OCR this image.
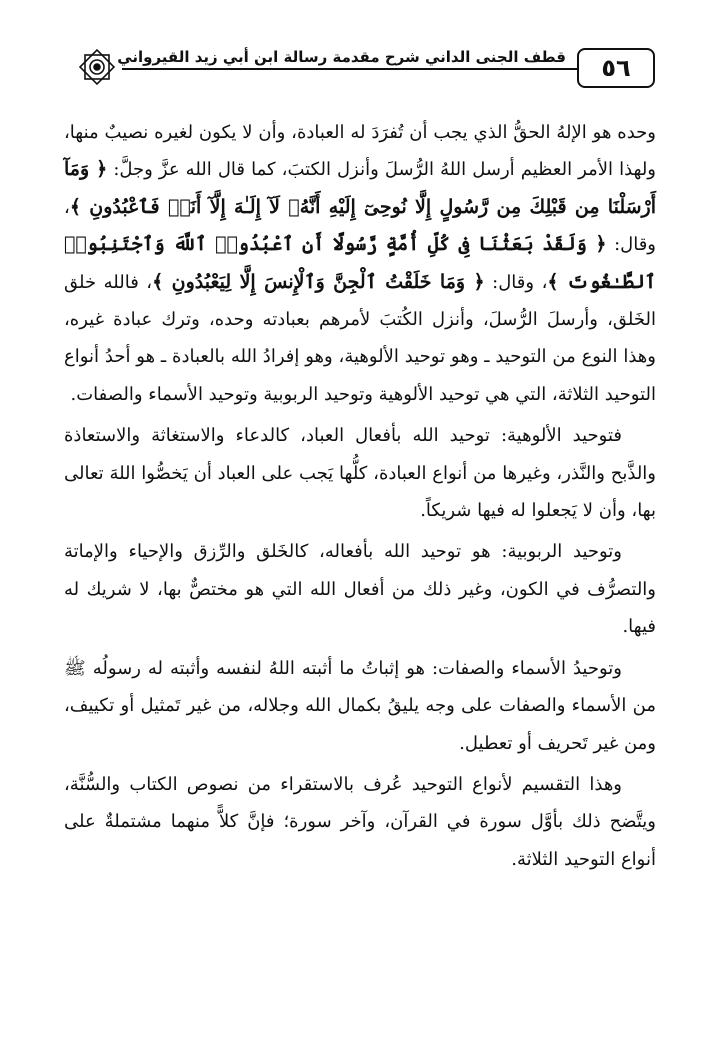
قطف الجنى الداني شرح مقدمة رسالة ابن أبي زيد القيرواني	٥٦

وحده هو الإلهُ الحقُّ الذي يجب أن تُفرَدَ له العبادة، وأن لا يكون لغيره نصيبٌ منها، ولهذا الأمر العظيم أرسل اللهُ الرُّسلَ وأنزل الكتبَ، كما قال الله عزَّ وجلَّ: ﴿ وَمَآ أَرْسَلْنَا مِن قَبْلِكَ مِن رَّسُولٍ إِلَّا نُوحِىٓ إِلَيْهِ أَنَّهُۥ لَآ إِلَـٰهَ إِلَّآ أَنَا۠ فَٱعْبُدُونِ ﴾، وقال: ﴿ وَلَقَدْ بَعَثْنَا فِى كُلِّ أُمَّةٍ رَّسُولًا أَنِ ٱعْبُدُوا۟ ٱللَّهَ وَٱجْتَنِبُوا۟ ٱلطَّـٰغُوتَ ﴾، وقال: ﴿ وَمَا خَلَقْتُ ٱلْجِنَّ وَٱلْإِنسَ إِلَّا لِيَعْبُدُونِ ﴾، فالله خلق الخَلق، وأرسلَ الرُّسلَ، وأنزل الكُتبَ لأمرهم بعبادته وحده، وترك عبادة غيره، وهذا النوع من التوحيد ـ وهو توحيد الألوهية، وهو إفرادُ الله بالعبادة ـ هو أحدُ أنواع التوحيد الثلاثة، التي هي توحيد الألوهية وتوحيد الربوبية وتوحيد الأسماء والصفات.

فتوحيد الألوهية: توحيد الله بأفعال العباد، كالدعاء والاستغاثة والاستعاذة والذَّبح والنَّذر، وغيرها من أنواع العبادة، كلُّها يَجب على العباد أن يَخصُّوا اللهَ تعالى بها، وأن لا يَجعلوا له فيها شريكاً.

وتوحيد الربوبية: هو توحيد الله بأفعاله، كالخَلق والرِّزق والإحياء والإماتة والتصرُّف في الكون، وغير ذلك من أفعال الله التي هو مختصٌّ بها، لا شريك له فيها.

وتوحيدُ الأسماء والصفات: هو إثباتُ ما أثبته اللهُ لنفسه وأثبته له رسولُه ﷺ من الأسماء والصفات على وجه يليقُ بكمال الله وجلاله، من غير تَمثيل أو تكييف، ومن غير تَحريف أو تعطيل.

وهذا التقسيم لأنواع التوحيد عُرف بالاستقراء من نصوص الكتاب والسُّنَّة، ويتَّضح ذلك بأوَّل سورة في القرآن، وآخر سورة؛ فإنَّ كلاًّ منهما مشتملةٌ على أنواع التوحيد الثلاثة.
